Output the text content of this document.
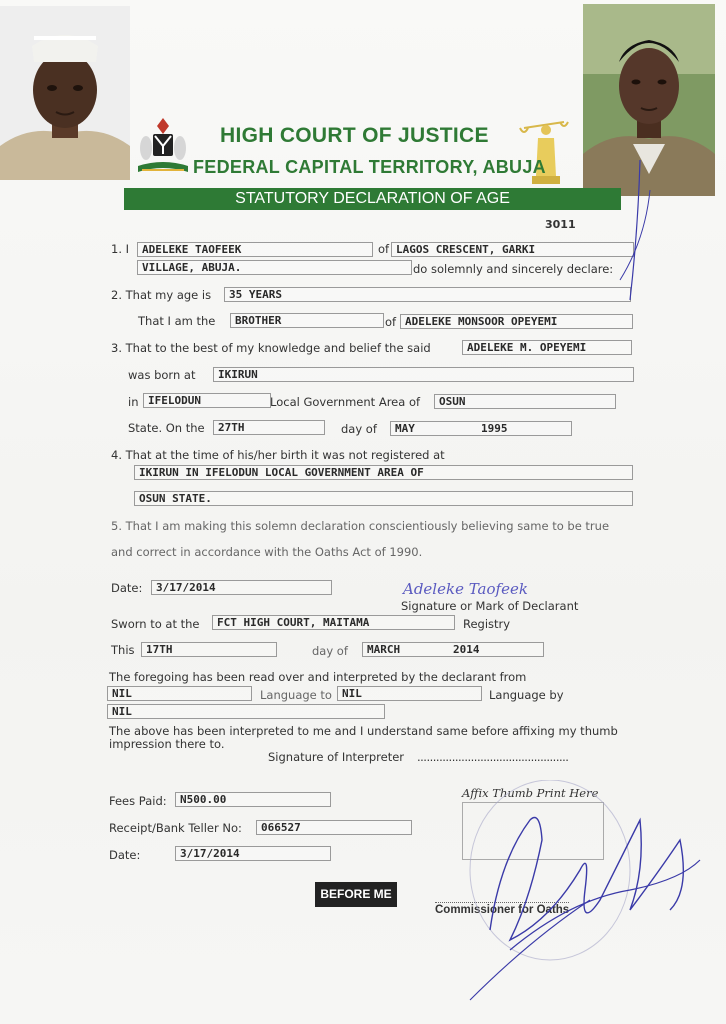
HIGH COURT OF JUSTICE
FEDERAL CAPITAL TERRITORY, ABUJA
STATUTORY DECLARATION OF AGE
3011
1. I	ADELEKE TAOFEEK	of LAGOS CRESCENT, GARKI
VILLAGE, ABUJA.	do solemnly and sincerely declare:
2. That my age is	35 YEARS
That I am the	BROTHER	of ADELEKE MONSOOR OPEYEMI
3. That to the best of my knowledge and belief the said	ADELEKE M. OPEYEMI
was born at	IKIRUN
in IFELODUN	Local Government Area of	OSUN
State. On the	27TH	day of	MAY	1995
4. That at the time of his/her birth it was not registered at
IKIRUN IN IFELODUN LOCAL GOVERNMENT AREA OF
OSUN STATE.
5. That I am making this solemn declaration conscientiously believing same to be true
and correct in accordance with the Oaths Act of 1990.
Date:	3/17/2014	Adeleke Taofeek
Signature or Mark of Declarant
Sworn to at the	FCT HIGH COURT, MAITAMA	Registry
This	17TH	day of	MARCH	2014
The foregoing has been read over and interpreted by the declarant from
NIL	Language to NIL	Language by
NIL
The above has been interpreted to me and I understand same before affixing my thumb
impression there to.
Signature of Interpreter ................................................
Fees Paid:	N500.00
Receipt/Bank Teller No:	066527
Date:	3/17/2014
BEFORE ME
Affix Thumb Print Here
Commissioner for Oaths
